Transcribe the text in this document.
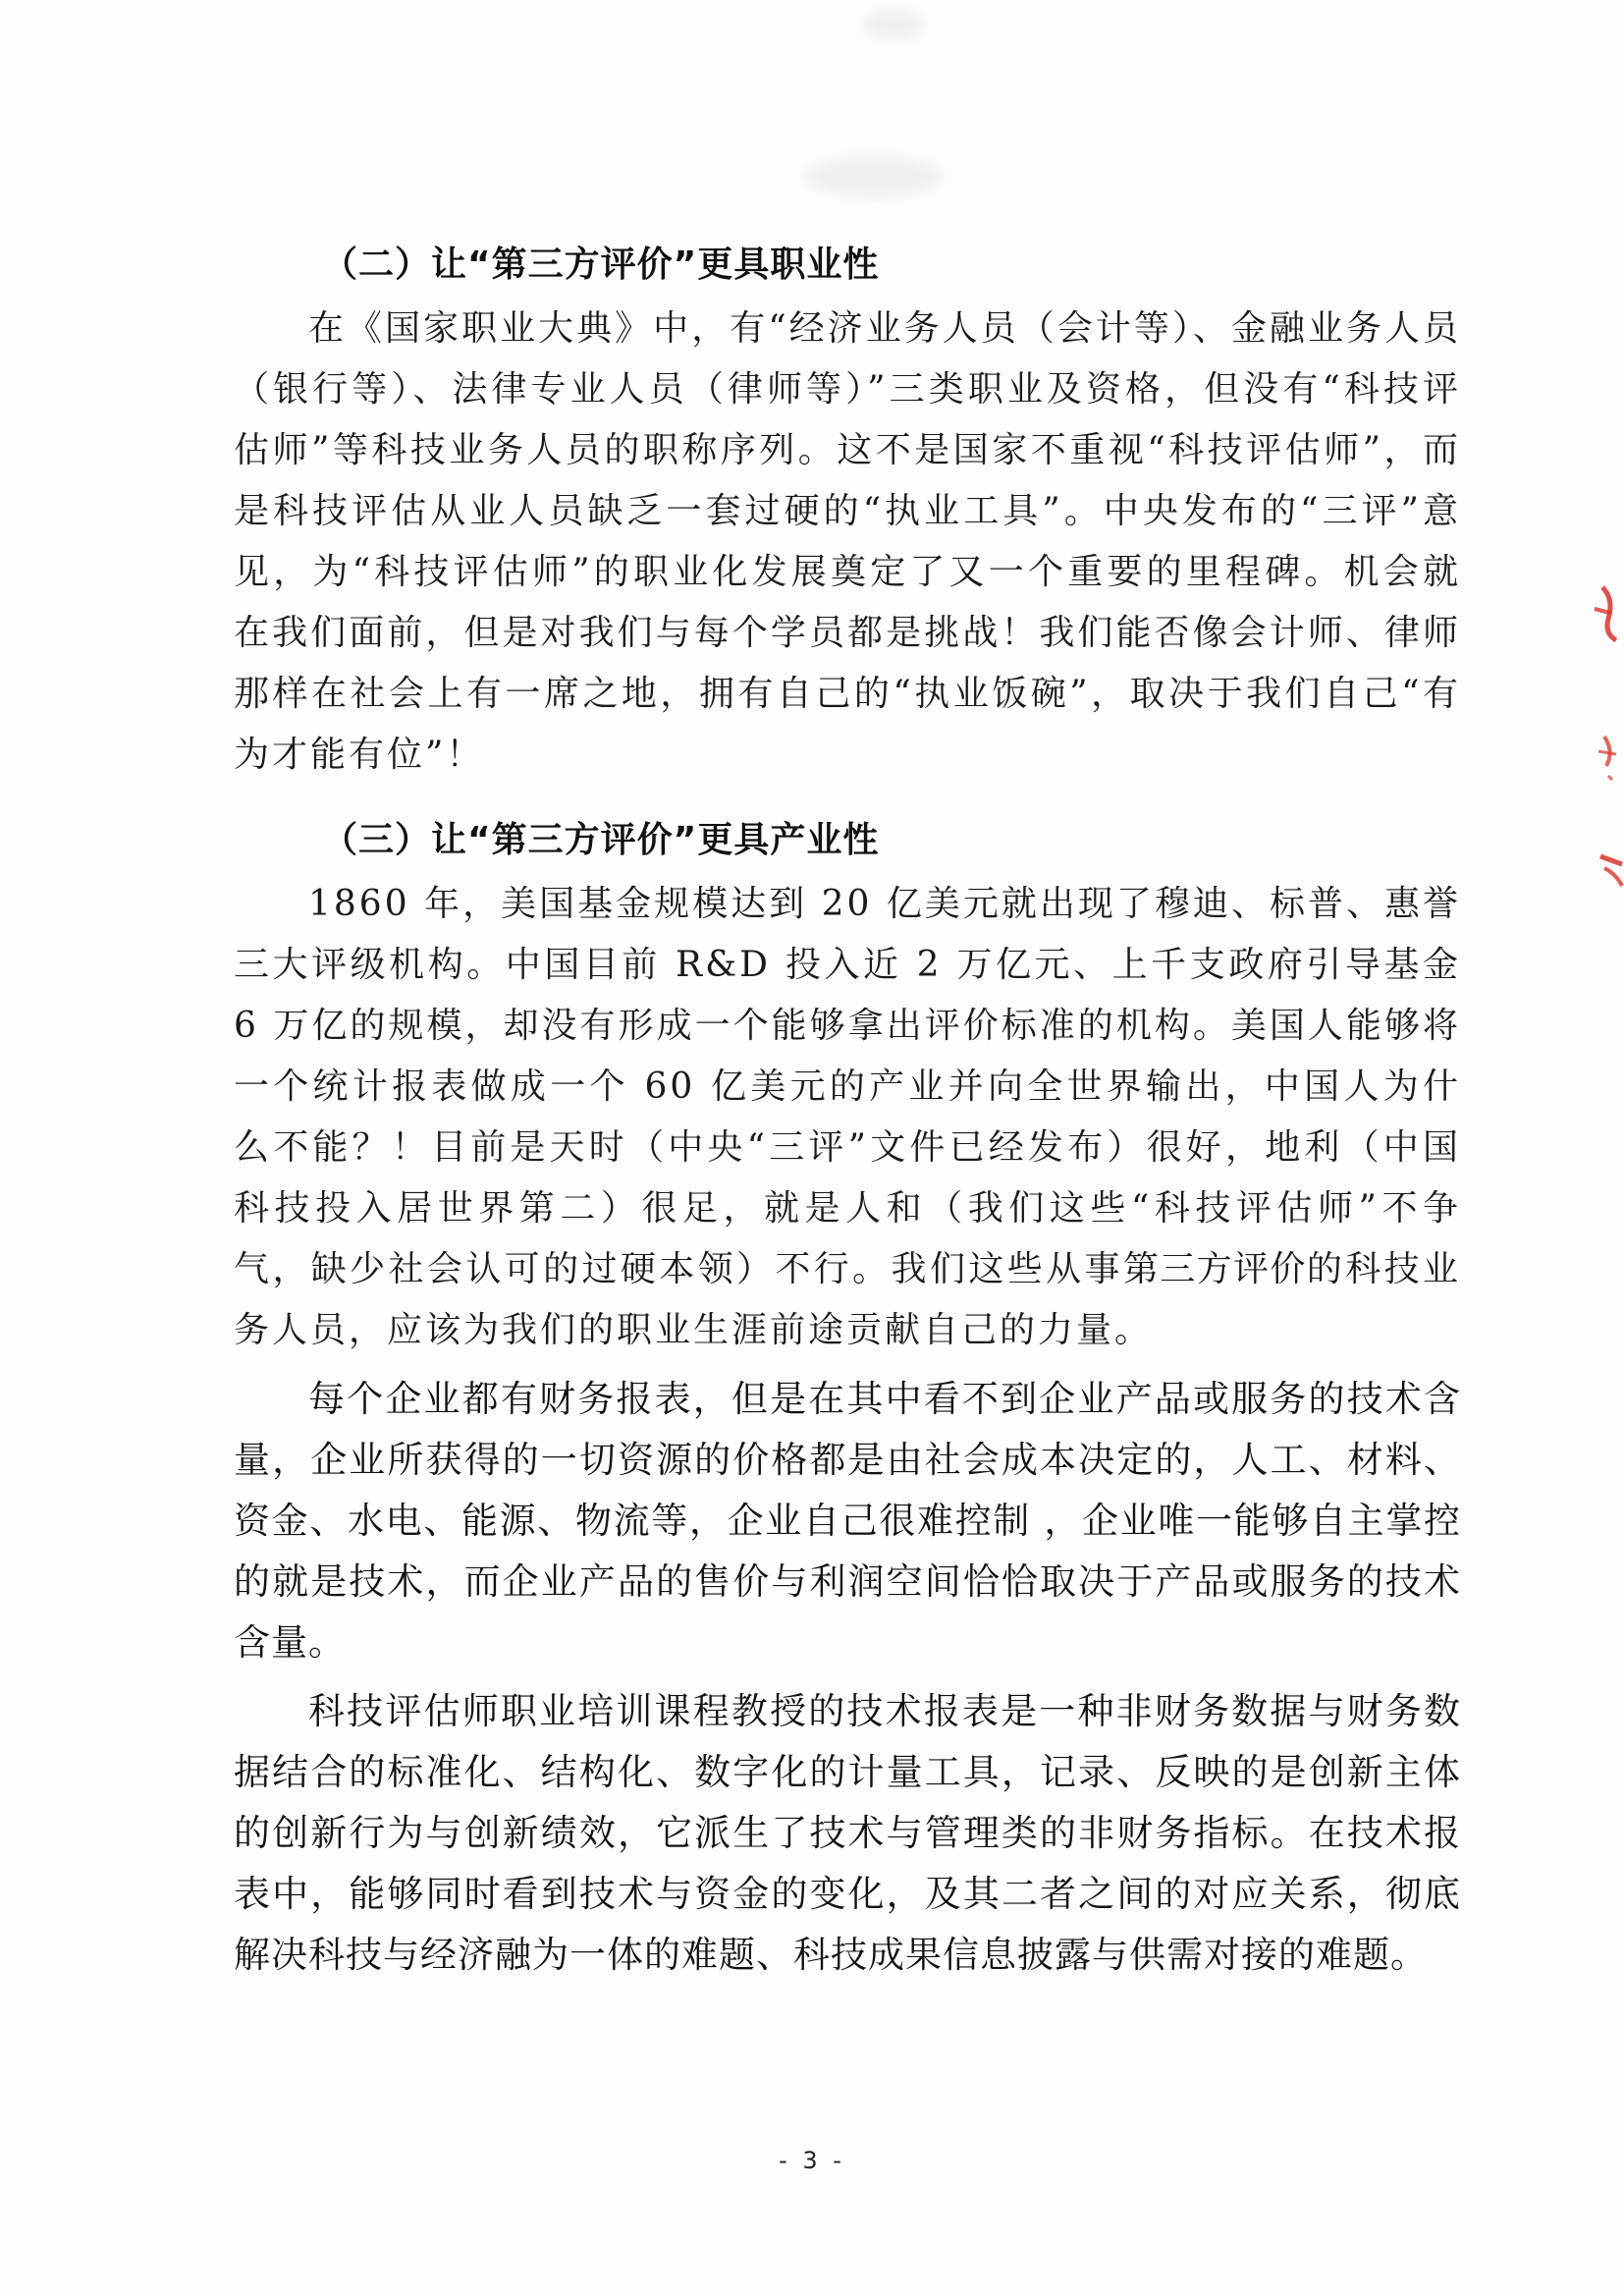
（二）让“第三方评价”更具职业性

在《国家职业大典》中，有“经济业务人员（会计等）、金融业务人员（银行等）、法律专业人员（律师等）”三类职业及资格，但没有“科技评估师”等科技业务人员的职称序列。这不是国家不重视“科技评估师”，而是科技评估从业人员缺乏一套过硬的“执业工具”。中央发布的“三评”意见，为“科技评估师”的职业化发展奠定了又一个重要的里程碑。机会就在我们面前，但是对我们与每个学员都是挑战！我们能否像会计师、律师那样在社会上有一席之地，拥有自己的“执业饭碗”，取决于我们自己“有为才能有位”！

（三）让“第三方评价”更具产业性

1860 年，美国基金规模达到 20 亿美元就出现了穆迪、标普、惠誉三大评级机构。中国目前 R&D 投入近 2 万亿元、上千支政府引导基金 6 万亿的规模，却没有形成一个能够拿出评价标准的机构。美国人能够将一个统计报表做成一个 60 亿美元的产业并向全世界输出，中国人为什么不能？！目前是天时（中央“三评”文件已经发布）很好，地利（中国科技投入居世界第二）很足，就是人和（我们这些“科技评估师”不争气，缺少社会认可的过硬本领）不行。我们这些从事第三方评价的科技业务人员，应该为我们的职业生涯前途贡献自己的力量。

每个企业都有财务报表，但是在其中看不到企业产品或服务的技术含量，企业所获得的一切资源的价格都是由社会成本决定的，人工、材料、资金、水电、能源、物流等，企业自己很难控制 ，企业唯一能够自主掌控的就是技术，而企业产品的售价与利润空间恰恰取决于产品或服务的技术含量。

科技评估师职业培训课程教授的技术报表是一种非财务数据与财务数据结合的标准化、结构化、数字化的计量工具，记录、反映的是创新主体的创新行为与创新绩效，它派生了技术与管理类的非财务指标。在技术报表中，能够同时看到技术与资金的变化，及其二者之间的对应关系，彻底解决科技与经济融为一体的难题、科技成果信息披露与供需对接的难题。

- 3 -
